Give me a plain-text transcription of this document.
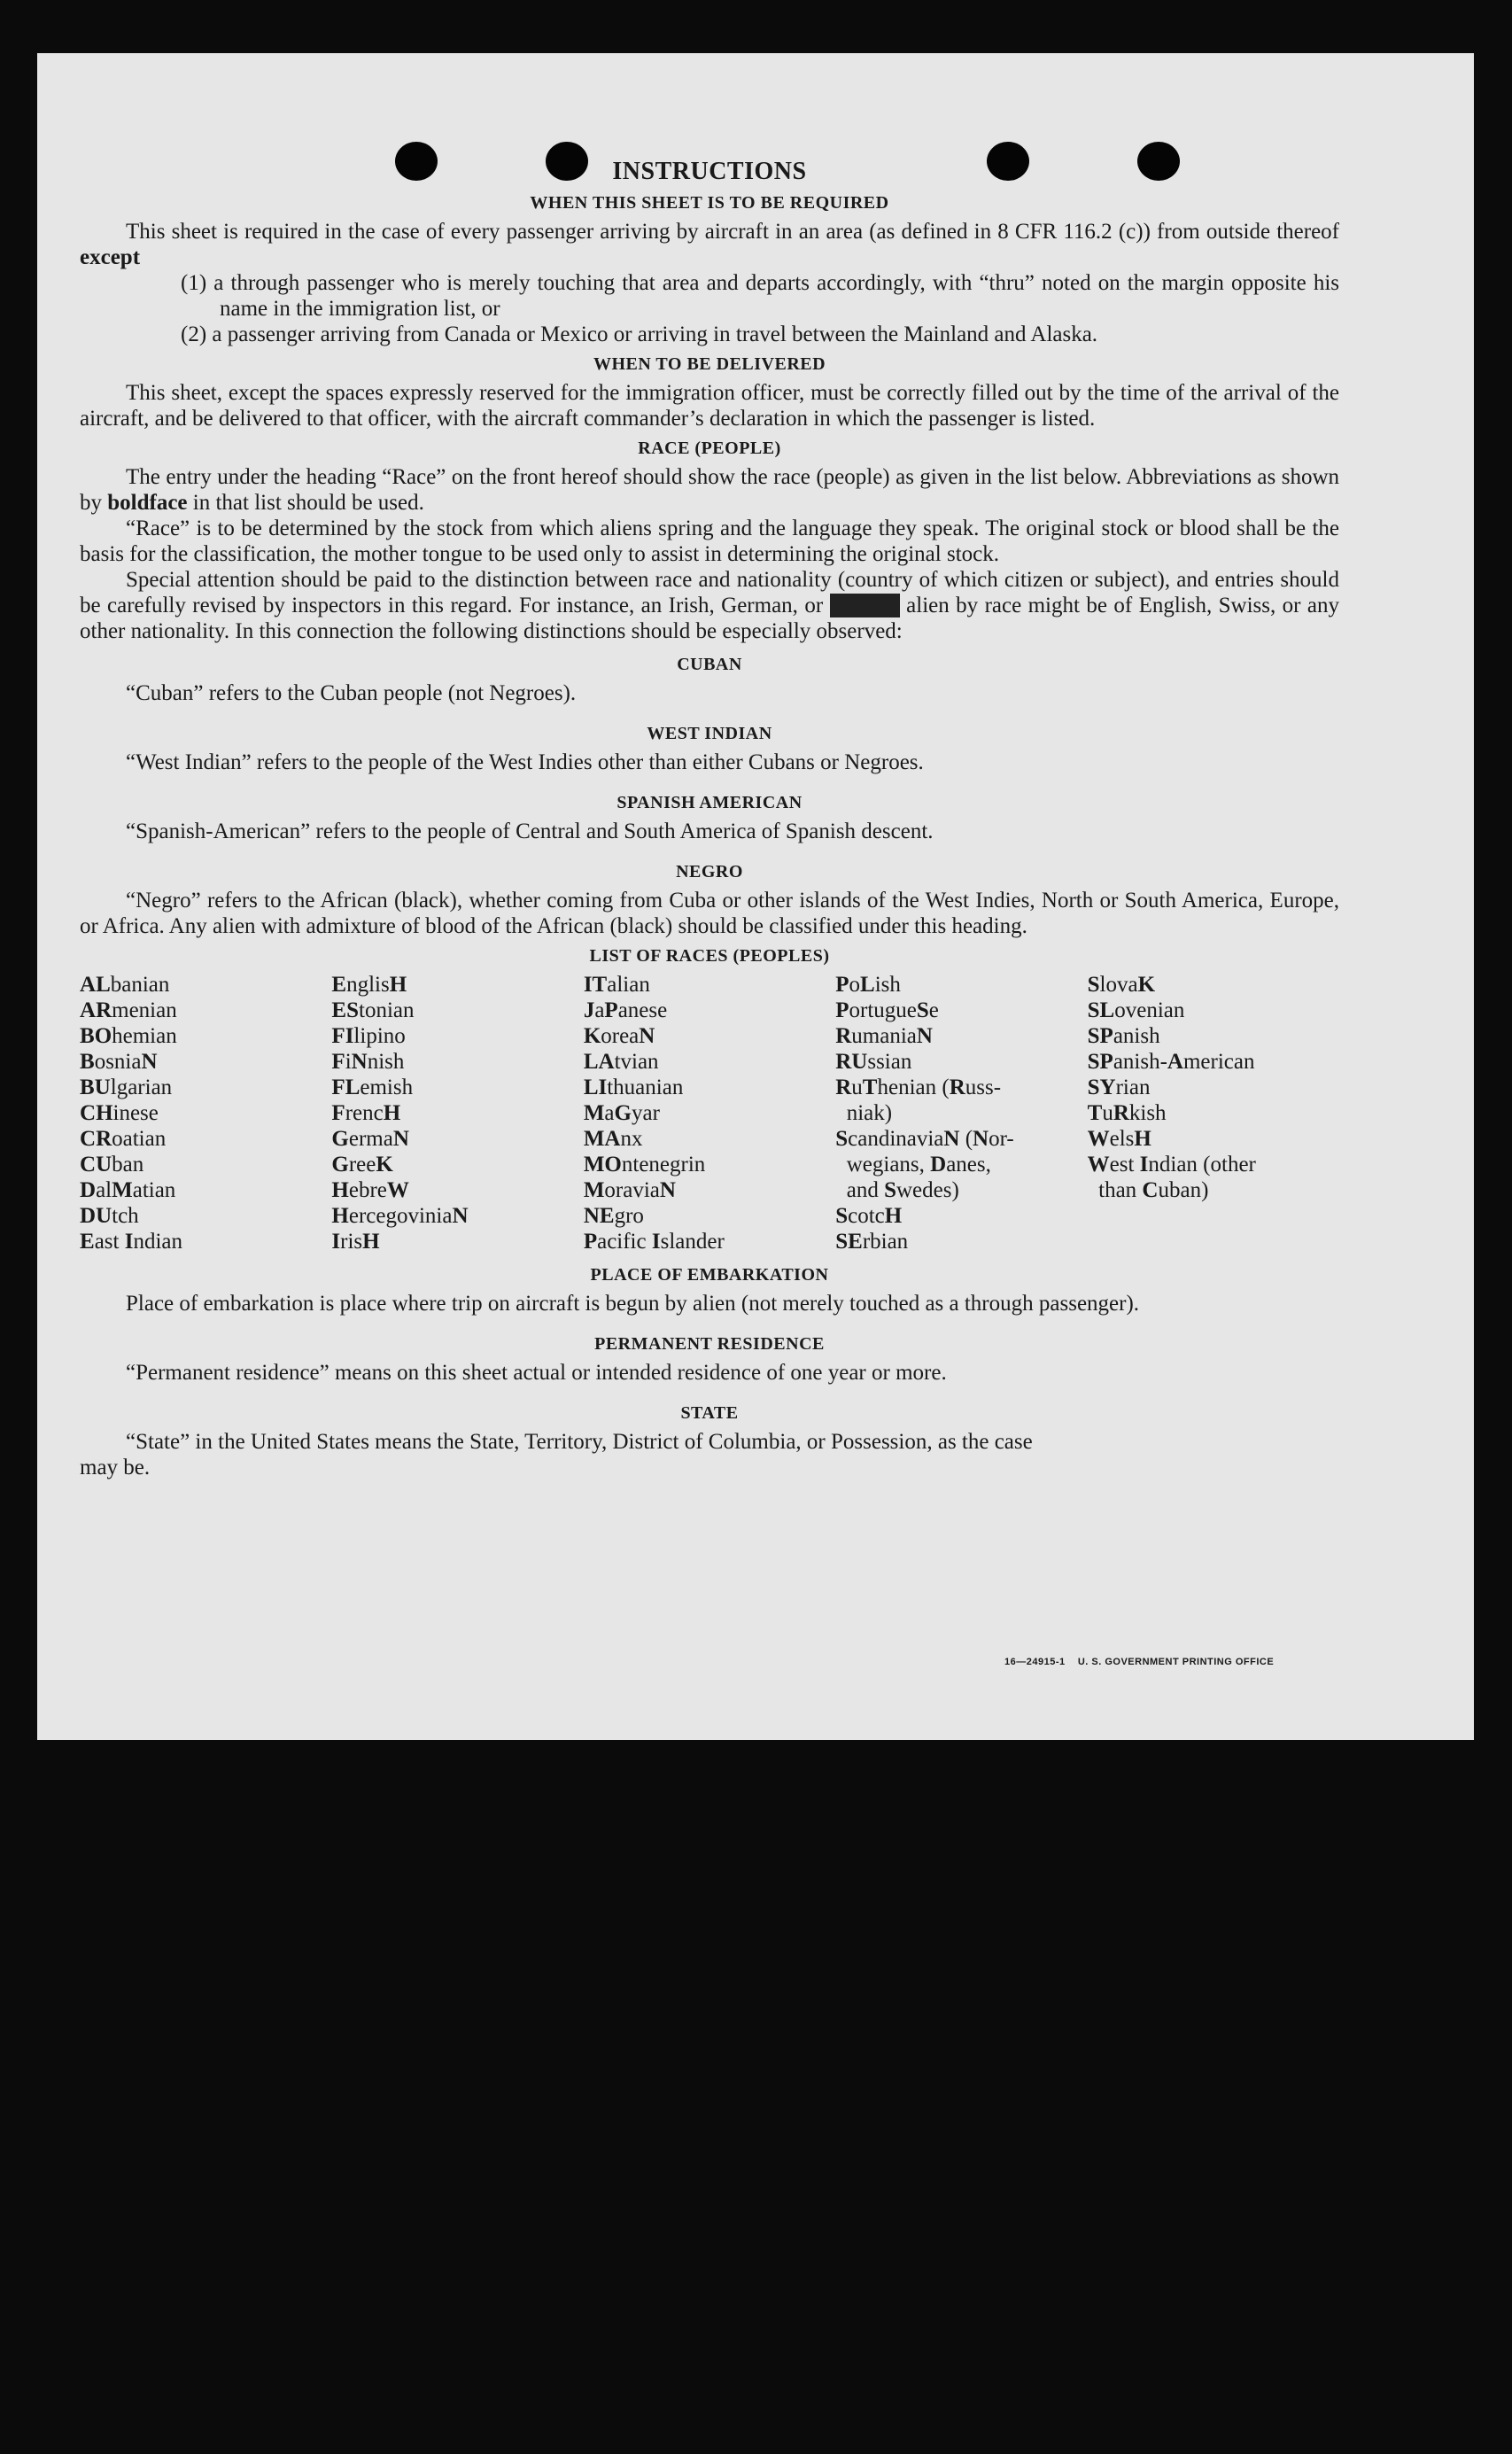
INSTRUCTIONS
WHEN THIS SHEET IS TO BE REQUIRED

This sheet is required in the case of every passenger arriving by aircraft in an area (as defined in 8 CFR 116.2 (c)) from outside thereof except

(1) a through passenger who is merely touching that area and departs accordingly, with “thru” noted on the margin opposite his name in the immigration list, or

(2) a passenger arriving from Canada or Mexico or arriving in travel between the Mainland and Alaska.

WHEN TO BE DELIVERED

This sheet, except the spaces expressly reserved for the immigration officer, must be correctly filled out by the time of the arrival of the aircraft, and be delivered to that officer, with the aircraft commander’s declaration in which the passenger is listed.

RACE (PEOPLE)

The entry under the heading “Race” on the front hereof should show the race (people) as given in the list below. Abbreviations as shown by boldface in that list should be used.

“Race” is to be determined by the stock from which aliens spring and the language they speak. The original stock or blood shall be the basis for the classification, the mother tongue to be used only to assist in determining the original stock.

Special attention should be paid to the distinction between race and nationality (country of which citizen or subject), and entries should be carefully revised by inspectors in this regard. For instance, an Irish, German, or	alien by race might be of English, Swiss, or any other nationality. In this connection the following distinctions should be especially observed:

CUBAN

“Cuban” refers to the Cuban people (not Negroes).

WEST INDIAN

“West Indian” refers to the people of the West Indies other than either Cubans or Negroes.

SPANISH AMERICAN

“Spanish-American” refers to the people of Central and South America of Spanish descent.

NEGRO

“Negro” refers to the African (black), whether coming from Cuba or other islands of the West Indies, North or South America, Europe, or Africa. Any alien with admixture of blood of the African (black) should be classified under this heading.

LIST OF RACES (PEOPLES)
ALbanian
ARmenian
BOhemian
BosniaN
BUlgarian
CHinese
CRoatian
CUban
DalMatian
DUtch
East Indian
EnglisH
EStonian
FIlipino
FiNnish
FLemish
FrencH
GermaN
GreeK
HebreW
HercegoviniaN
IrisH
ITalian
JaPanese
KoreaN
LAtvian
LIthuanian
MaGyar
MAnx
MOntenegrin
MoraviaN
NEgro
Pacific Islander
PoLish
PortugueSe
RumaniaN
RUssian
RuThenian (Russ-
niak)
ScandinaviaN (Nor-
wegians, Danes,
and Swedes)
ScotcH
SErbian
SlovaK
SLovenian
SPanish
SPanish-American
SYrian
TuRkish
WelsH
West Indian (other
than Cuban)
PLACE OF EMBARKATION

Place of embarkation is place where trip on aircraft is begun by alien (not merely touched as a through passenger).

PERMANENT RESIDENCE

“Permanent residence” means on this sheet actual or intended residence of one year or more.

STATE

“State” in the United States means the State, Territory, District of Columbia, or Possession, as the case

may be.

16—24915-1 U. S. GOVERNMENT PRINTING OFFICE
